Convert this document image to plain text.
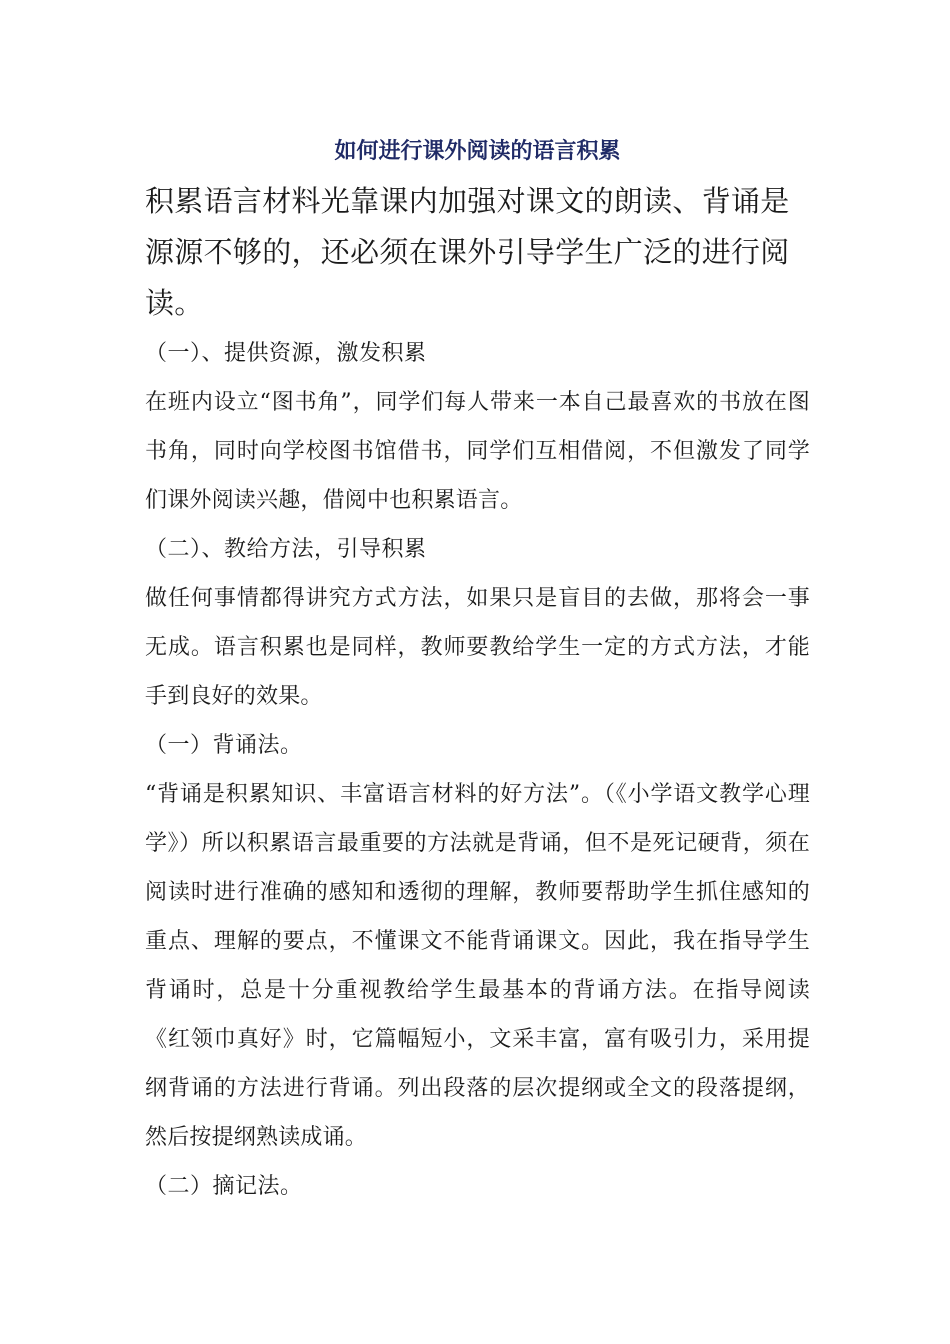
如何进行课外阅读的语言积累

积累语言材料光靠课内加强对课文的朗读、背诵是源源不够的，还必须在课外引导学生广泛的进行阅读。

（一）、提供资源，激发积累

在班内设立“图书角”，同学们每人带来一本自己最喜欢的书放在图书角，同时向学校图书馆借书，同学们互相借阅，不但激发了同学们课外阅读兴趣，借阅中也积累语言。

（二）、教给方法，引导积累

做任何事情都得讲究方式方法，如果只是盲目的去做，那将会一事无成。语言积累也是同样，教师要教给学生一定的方式方法，才能手到良好的效果。

（一）背诵法。

“背诵是积累知识、丰富语言材料的好方法”。（《小学语文教学心理学》）所以积累语言最重要的方法就是背诵，但不是死记硬背，须在阅读时进行准确的感知和透彻的理解，教师要帮助学生抓住感知的重点、理解的要点，不懂课文不能背诵课文。因此，我在指导学生背诵时，总是十分重视教给学生最基本的背诵方法。在指导阅读《红领巾真好》时，它篇幅短小，文采丰富，富有吸引力，采用提纲背诵的方法进行背诵。列出段落的层次提纲或全文的段落提纲，然后按提纲熟读成诵。

（二）摘记法。
